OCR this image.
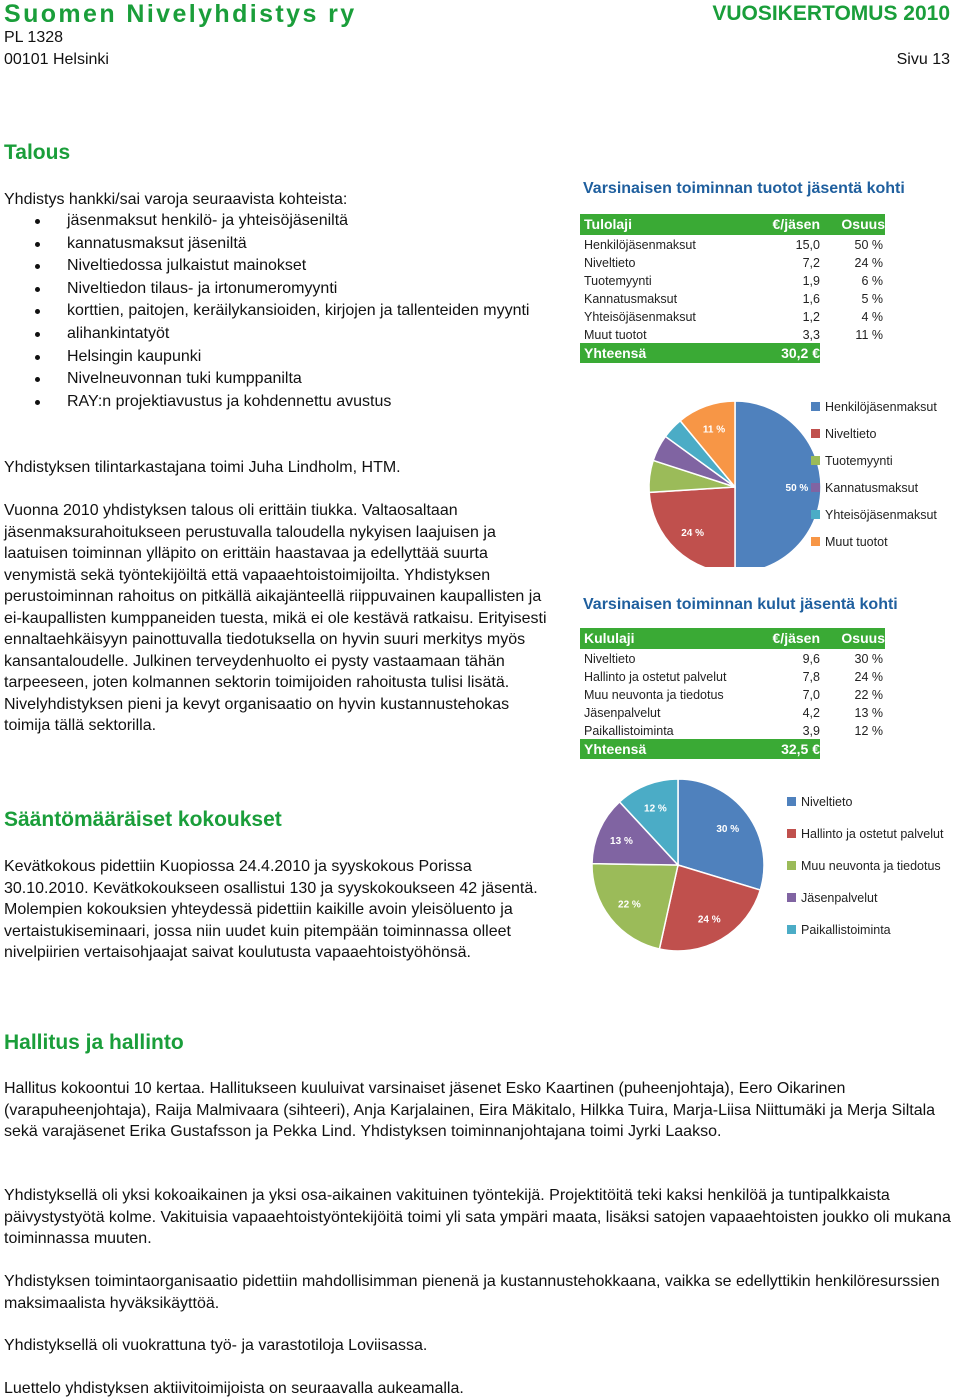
Suomen Nivelyhdistys ry	VUOSIKERTOMUS 2010
PL 1328
00101 Helsinki	Sivu 13
Talous
Yhdistys hankki/sai varoja seuraavista kohteista:
jäsenmaksut henkilö- ja yhteisöjäseniltä
kannatusmaksut jäseniltä
Niveltiedossa julkaistut mainokset
Niveltiedon tilaus- ja irtonumeromyynti
korttien, paitojen, keräilykansioiden, kirjojen ja tallenteiden myynti
alihankintatyöt
Helsingin kaupunki
Nivelneuvonnan tuki kumppanilta
RAY:n projektiavustus ja kohdennettu avustus
Yhdistyksen tilintarkastajana toimi Juha Lindholm, HTM.

Vuonna 2010 yhdistyksen talous oli erittäin tiukka. Valtaosaltaan jäsenmaksurahoitukseen perustuvalla taloudella nykyisen laajuisen ja laatuisen toiminnan ylläpito on erittäin haastavaa ja edellyttää suurta venymistä sekä työntekijöiltä että vapaaehtoistoimijoilta. Yhdistyksen perustoiminnan rahoitus on pitkällä aikajänteellä riippuvainen kaupallisten ja ei-kaupallisten kumppaneiden tuesta, mikä ei ole kestävä ratkaisu. Erityisesti ennaltaehkäisyyn painottuvalla tiedotuksella on hyvin suuri merkitys myös kansantaloudelle. Julkinen terveydenhuolto ei pysty vastaamaan tähän tarpeeseen, joten kolmannen sektorin toimijoiden rahoitusta tulisi lisätä. Nivelyhdistyksen pieni ja kevyt organisaatio on hyvin kustannustehokas toimija tällä sektorilla.

Sääntömääräiset kokoukset

Kevätkokous pidettiin Kuopiossa 24.4.2010 ja syyskokous Porissa 30.10.2010. Kevätkokoukseen osallistui 130 ja syyskokoukseen 42 jäsentä. Molempien kokouksien yhteydessä pidettiin kaikille avoin yleisöluento ja vertaistukiseminaari, jossa niin uudet kuin pitempään toiminnassa olleet nivelpiirien vertaisohjaajat saivat koulutusta vapaaehtoistyöhönsä.

Hallitus ja hallinto

Hallitus kokoontui 10 kertaa. Hallitukseen kuuluivat varsinaiset jäsenet Esko Kaartinen (puheenjohtaja), Eero Oikarinen (varapuheenjohtaja), Raija Malmivaara (sihteeri), Anja Karjalainen, Eira Mäkitalo, Hilkka Tuira, Marja-Liisa Niittumäki ja Merja Siltala sekä varajäsenet Erika Gustafsson ja Pekka Lind. Yhdistyksen toiminnanjohtajana toimi Jyrki Laakso.

Yhdistyksellä oli yksi kokoaikainen ja yksi osa-aikainen vakituinen työntekijä. Projektitöitä teki kaksi henkilöä ja tuntipalkkaista päivystystyötä kolme. Vakituisia vapaaehtoistyöntekijöitä toimi yli sata ympäri maata, lisäksi satojen vapaaehtoisten joukko oli mukana toiminnassa muuten.

Yhdistyksen toimintaorganisaatio pidettiin mahdollisimman pienenä ja kustannustehokkaana, vaikka se edellyttikin henkilöresurssien maksimaalista hyväksikäyttöä.

Yhdistyksellä oli vuokrattuna työ- ja varastotiloja Loviisassa.

Luettelo yhdistyksen aktiivitoimijoista on seuraavalla aukeamalla.

Varsinaisen toiminnan tuotot jäsentä kohti
Tulolaji	€/jäsen Osuus
Henkilöjäsenmaksut	15,0	50 %
Niveltieto	7,2	24 %
Tuotemyynti	1,9	6 %
Kannatusmaksut	1,6	5 %
Yhteisöjäsenmaksut	1,2	4 %
Muut tuotot	3,3	11 %
Yhteensä	30,2 €
50 %
24 %
6 %
5 %
11 %
Henkilöjäsenmaksut
Niveltieto
Tuotemyynti
Kannatusmaksut
Yhteisöjäsenmaksut
Muut tuotot
Varsinaisen toiminnan kulut jäsentä kohti
Kululaji	€/jäsen Osuus
Niveltieto	9,6	30 %
Hallinto ja ostetut palvelut	7,8	24 %
Muu neuvonta ja tiedotus	7,0	22 %
Jäsenpalvelut	4,2	13 %
Paikallistoiminta	3,9	12 %
Yhteensä	32,5 €
30 %
24 %
22 %
13 %
12 %	Niveltieto
Hallinto ja ostetut palvelut
Muu neuvonta ja tiedotus
Jäsenpalvelut
Paikallistoiminta
